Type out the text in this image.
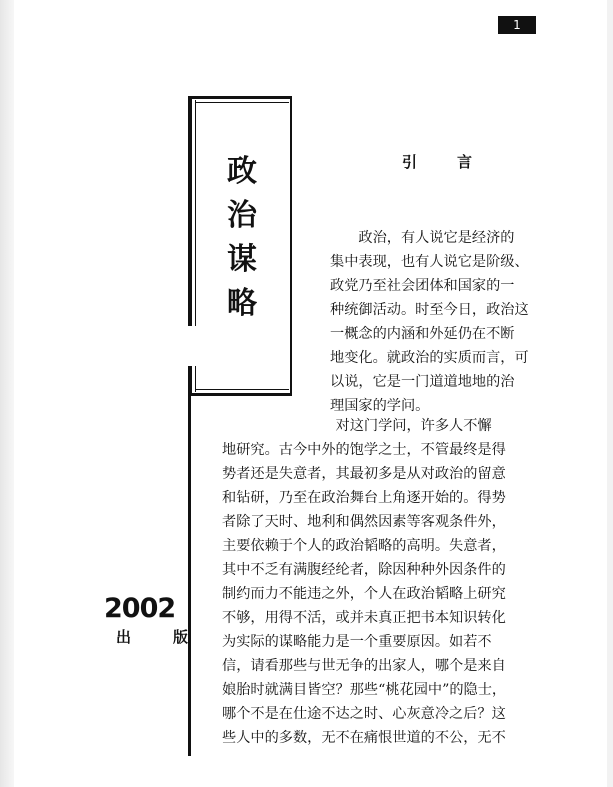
1
政
治
谋
略
2002
出	版
引	言
　　政治，有人说它是经济的
集中表现，也有人说它是阶级、
政党乃至社会团体和国家的一
种统御活动。时至今日，政治这
一概念的内涵和外延仍在不断
地变化。就政治的实质而言，可
以说，它是一门道道地地的治
理国家的学问。
　　　　　　　　对这门学问，许多人不懈
地研究。古今中外的饱学之士，不管最终是得
势者还是失意者，其最初多是从对政治的留意
和钻研，乃至在政治舞台上角逐开始的。得势
者除了天时、地利和偶然因素等客观条件外，
主要依赖于个人的政治韬略的高明。失意者，
其中不乏有满腹经纶者，除因种种外因条件的
制约而力不能违之外，个人在政治韬略上研究
不够，用得不活，或并未真正把书本知识转化
为实际的谋略能力是一个重要原因。如若不
信，请看那些与世无争的出家人，哪个是来自
娘胎时就满目皆空？那些“桃花园中”的隐士，
哪个不是在仕途不达之时、心灰意冷之后？这
些人中的多数，无不在痛恨世道的不公，无不
